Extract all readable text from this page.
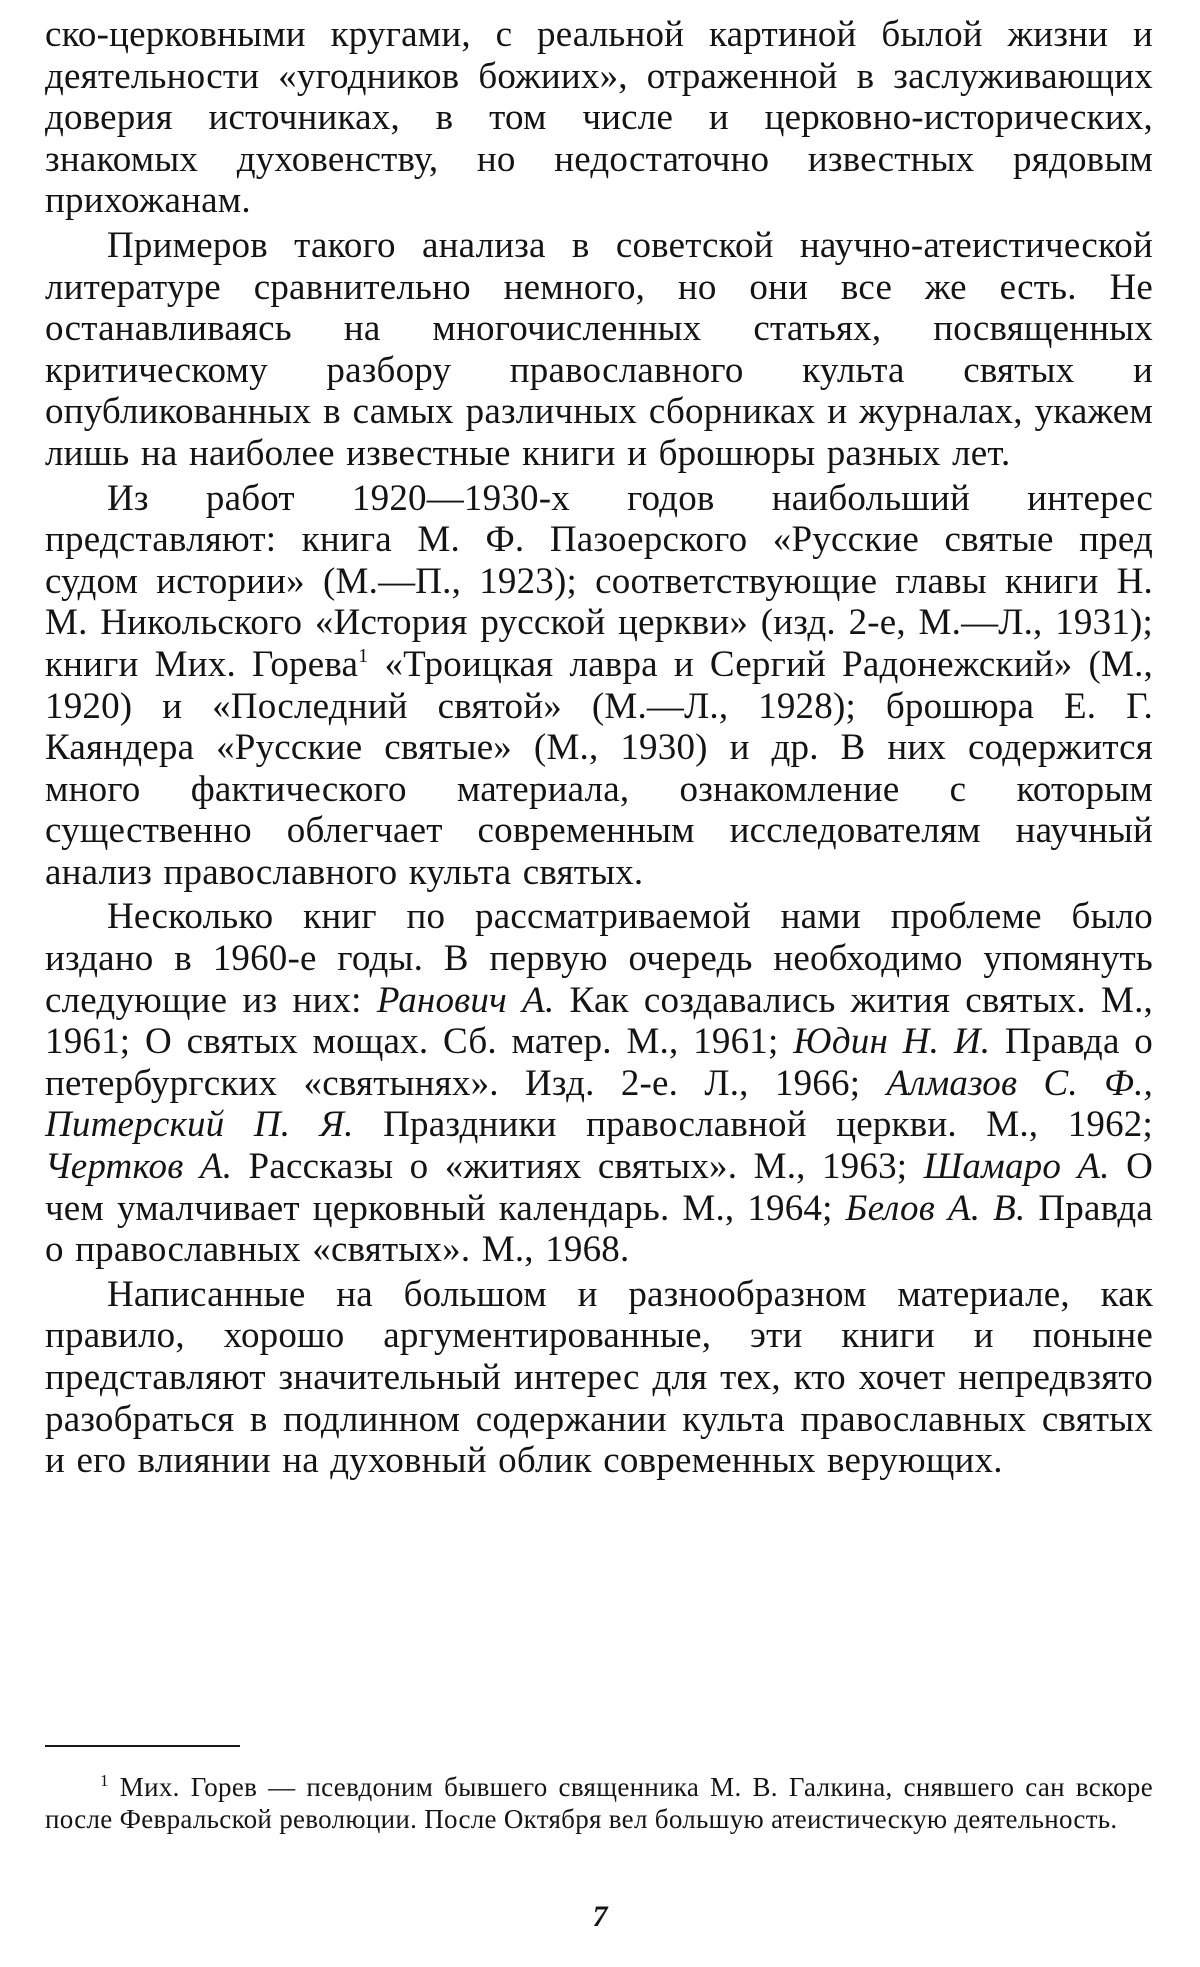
ско-церковными кругами, с реальной картиной былой жизни и деятельности «угодников божиих», отраженной в заслуживающих доверия источниках, в том числе и церковно-исторических, знакомых духовенству, но недостаточно известных рядовым прихожанам.

Примеров такого анализа в советской научно-атеистической литературе сравнительно немного, но они все же есть. Не останавливаясь на многочисленных статьях, посвященных критическому разбору православного культа святых и опубликованных в самых различных сборниках и журналах, укажем лишь на наиболее известные книги и брошюры разных лет.

Из работ 1920—1930-х годов наибольший интерес представляют: книга М. Ф. Пазоерского «Русские святые пред судом истории» (М.—П., 1923); соответствующие главы книги Н. М. Никольского «История русской церкви» (изд. 2-е, М.—Л., 1931); книги Мих. Горева$^1$ «Троицкая лавра и Сергий Радонежский» (М., 1920) и «Последний святой» (М.—Л., 1928); брошюра Е. Г. Каяндера «Русские святые» (М., 1930) и др. В них содержится много фактического материала, ознакомление с которым существенно облегчает современным исследователям научный анализ православного культа святых.

Несколько книг по рассматриваемой нами проблеме было издано в 1960-е годы. В первую очередь необходимо упомянуть следующие из них: Ранович А. Как создавались жития святых. М., 1961; О святых мощах. Сб. матер. М., 1961; Юдин Н. И. Правда о петербургских «святынях». Изд. 2-е. Л., 1966; Алмазов С. Ф., Питерский П. Я. Праздники православной церкви. М., 1962; Чертков А. Рассказы о «житиях святых». М., 1963; Шамаро А. О чем умалчивает церковный календарь. М., 1964; Белов А. В. Правда о православных «святых». М., 1968.

Написанные на большом и разнообразном материале, как правило, хорошо аргументированные, эти книги и поныне представляют значительный интерес для тех, кто хочет непредвзято разобраться в подлинном содержании культа православных святых и его влиянии на духовный облик современных верующих.

$^1$ Мих. Горев — псевдоним бывшего священника М. В. Галкина, снявшего сан вскоре после Февральской революции. После Октября вел большую атеистическую деятельность.

7
